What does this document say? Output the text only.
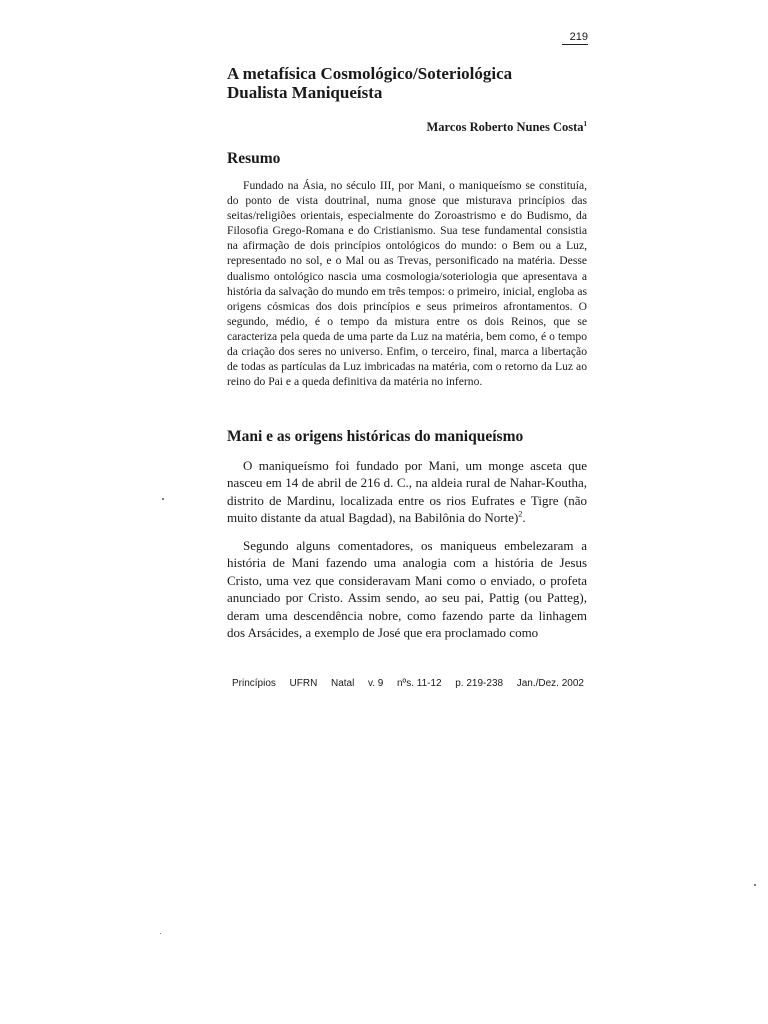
219
A metafísica Cosmológico/Soteriológica
Dualista Maniqueísta
Marcos Roberto Nunes Costa$^1$
Resumo

Fundado na Ásia, no século III, por Mani, o maniqueísmo se constituía, do ponto de vista doutrinal, numa gnose que misturava princípios das seitas/religiões orientais, especialmente do Zoroastrismo e do Budismo, da Filosofia Grego-Romana e do Cristianismo. Sua tese fundamental consistia na afirmação de dois princípios ontológicos do mundo: o Bem ou a Luz, representado no sol, e o Mal ou as Trevas, personificado na matéria. Desse dualismo ontológico nascia uma cosmologia/soteriologia que apresentava a história da salvação do mundo em três tempos: o primeiro, inicial, engloba as origens cósmicas dos dois princípios e seus primeiros afrontamentos. O segundo, médio, é o tempo da mistura entre os dois Reinos, que se caracteriza pela queda de uma parte da Luz na matéria, bem como, é o tempo da criação dos seres no universo. Enfim, o terceiro, final, marca a libertação de todas as partículas da Luz imbricadas na matéria, com o retorno da Luz ao reino do Pai e a queda definitiva da matéria no inferno.

Mani e as origens históricas do maniqueísmo

O maniqueísmo foi fundado por Mani, um monge asceta que nasceu em 14 de abril de 216 d. C., na aldeia rural de Nahar-Koutha, distrito de Mardinu, localizada entre os rios Eufrates e Tigre (não muito distante da atual Bagdad), na Babilônia do Norte)$^2$.

Segundo alguns comentadores, os maniqueus embelezaram a história de Mani fazendo uma analogia com a história de Jesus Cristo, uma vez que consideravam Mani como o enviado, o profeta anunciado por Cristo. Assim sendo, ao seu pai, Pattig (ou Patteg), deram uma descendência nobre, como fazendo parte da linhagem dos Arsácides, a exemplo de José que era proclamado como

Princípios UFRN Natal v. 9 nºs. 11-12 p. 219-238 Jan./Dez. 2002
